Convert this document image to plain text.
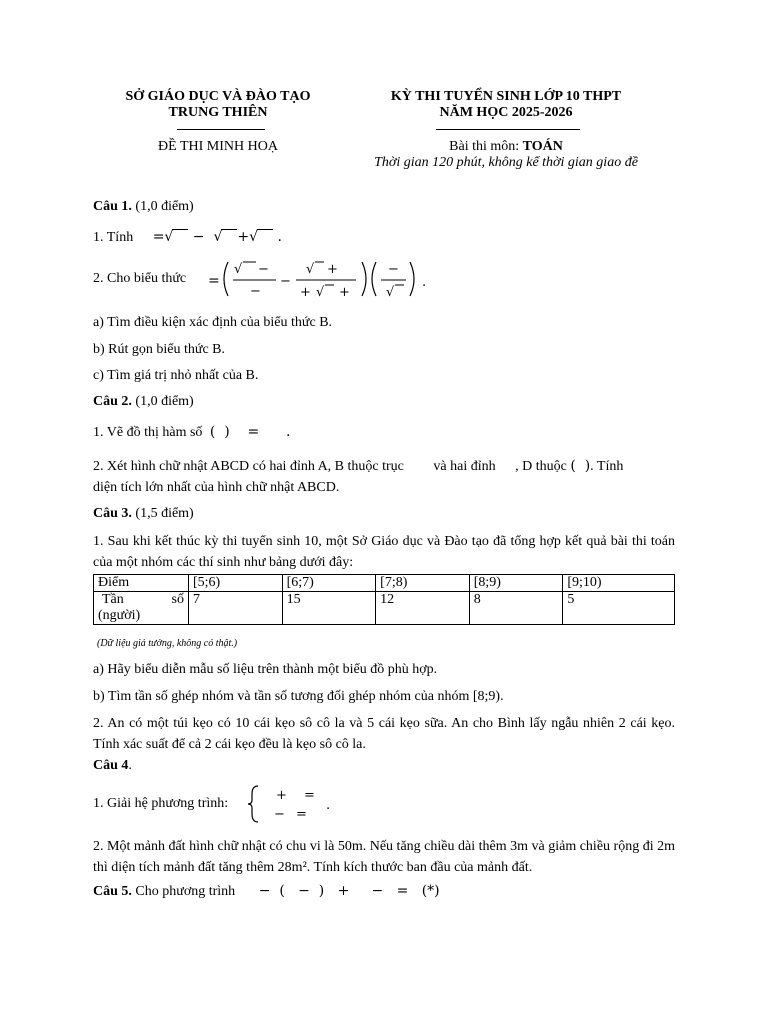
SỞ GIÁO DỤC VÀ ĐÀO TẠO
TRUNG THIÊN
ĐỀ THI MINH HOẠ
KỲ THI TUYỂN SINH LỚP 10 THPT
NĂM HỌC 2025-2026
Bài thi môn: TOÁN
Thời gian 120 phút, không kể thời gian giao đề
Câu 1. (1,0 điểm)
1. Tính =√ −  √ +√ .
2. Cho biểu thức =
√ −
−
−
√ +
+ √ +
−
√
.
a) Tìm điều kiện xác định của biểu thức B.
b) Rút gọn biểu thức B.
c) Tìm giá trị nhỏ nhất của B.
Câu 2. (1,0 điểm)
1. Vẽ đồ thị hàm số (  )    =      .
2. Xét hình chữ nhật ABCD có hai đỉnh A, B thuộc trục và hai đỉnh , D thuộc (  ). Tính
diện tích lớn nhất của hình chữ nhật ABCD.
Câu 3. (1,5 điểm)
1. Sau khi kết thúc kỳ thi tuyển sinh 10, một Sở Giáo dục và Đào tạo đã tổng hợp kết quả bài thi toán của một nhóm các thí sinh như bảng dưới đây:
Điểm	[5;6)	[6;7)	[7;8)	[8;9)	[9;10)

Tần số
(người)	7	15	12	8	5
(Dữ liệu giả tưởng, không có thật.)
a) Hãy biểu diễn mẫu số liệu trên thành một biểu đồ phù hợp.
b) Tìm tần số ghép nhóm và tần số tương đối ghép nhóm của nhóm [8;9).
2. An có một túi kẹo có 10 cái kẹo sô cô la và 5 cái kẹo sữa. An cho Bình lấy ngẫu nhiên 2 cái kẹo. Tính xác suất để cả 2 cái kẹo đều là kẹo sô cô la.
Câu 4.
1. Giải hệ phương trình:
+ =
− =
.
2. Một mảnh đất hình chữ nhật có chu vi là 50m. Nếu tăng chiều dài thêm 3m và giảm chiều rộng đi 2m thì diện tích mảnh đất tăng thêm 28m². Tính kích thước ban đầu của mảnh đất.
Câu 5. Cho phương trình −  (   −  )   +     −   =   (*)
